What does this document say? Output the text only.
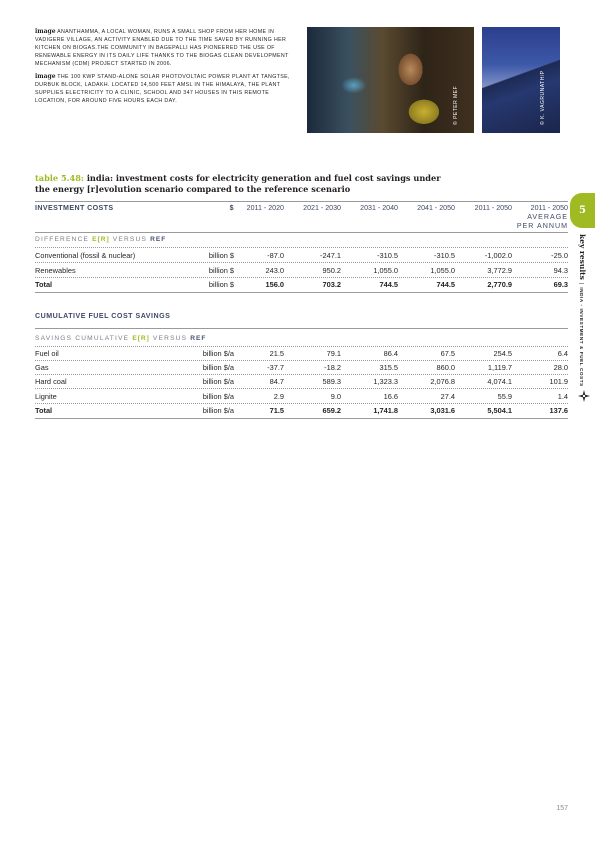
image ANANTHAMMA, A LOCAL WOMAN, RUNS A SMALL SHOP FROM HER HOME IN VADIGERE VILLAGE, AN ACTIVITY ENABLED DUE TO THE TIME SAVED BY RUNNING HER KITCHEN ON BIOGAS.THE COMMUNITY IN BAGEPALLI HAS PIONEERED THE USE OF RENEWABLE ENERGY IN ITS DAILY LIFE THANKS TO THE BIOGAS CLEAN DEVELOPMENT MECHANISM (CDM) PROJECT STARTED IN 2006.
image THE 100 KWP STAND-ALONE SOLAR PHOTOVOLTAIC POWER PLANT AT TANGTSE, DURBUK BLOCK, LADAKH. LOCATED 14,500 FEET AMSL IN THE HIMALAYA, THE PLANT SUPPLIES ELECTRICITY TO A CLINIC, SCHOOL AND 347 HOUSES IN THIS REMOTE LOCATION, FOR AROUND FIVE HOURS EACH DAY.	© PETER MEF	© K. VAGRUNATH/P
table 5.48: india: investment costs for electricity generation and fuel cost savings under the energy [r]evolution scenario compared to the reference scenario
INVESTMENT COSTS	$	2011 - 2020	2021 - 2030	2031 - 2040	2041 - 2050	2011 - 2050	2011 - 2050
AVERAGE
PER ANNUM
DIFFERENCE E[R] VERSUS REF
Conventional (fossil & nuclear)	billion $	-87.0	-247.1	-310.5	-310.5	-1,002.0	-25.0
Renewables	billion $	243.0	950.2	1,055.0	1,055.0	3,772.9	94.3
Total	billion $	156.0	703.2	744.5	744.5	2,770.9	69.3
CUMULATIVE FUEL COST SAVINGS
SAVINGS CUMULATIVE E[R] VERSUS REF
Fuel oil	billion $/a	21.5	79.1	86.4	67.5	254.5	6.4
Gas	billion $/a	-37.7	-18.2	315.5	860.0	1,119.7	28.0
Hard coal	billion $/a	84.7	589.3	1,323.3	2,076.8	4,074.1	101.9
Lignite	billion $/a	2.9	9.0	16.6	27.4	55.9	1.4
Total	billion $/a	71.5	659.2	1,741.8	3,031.6	5,504.1	137.6
5
key results|INDIA - INVESTMENT & FUEL COSTS
157
